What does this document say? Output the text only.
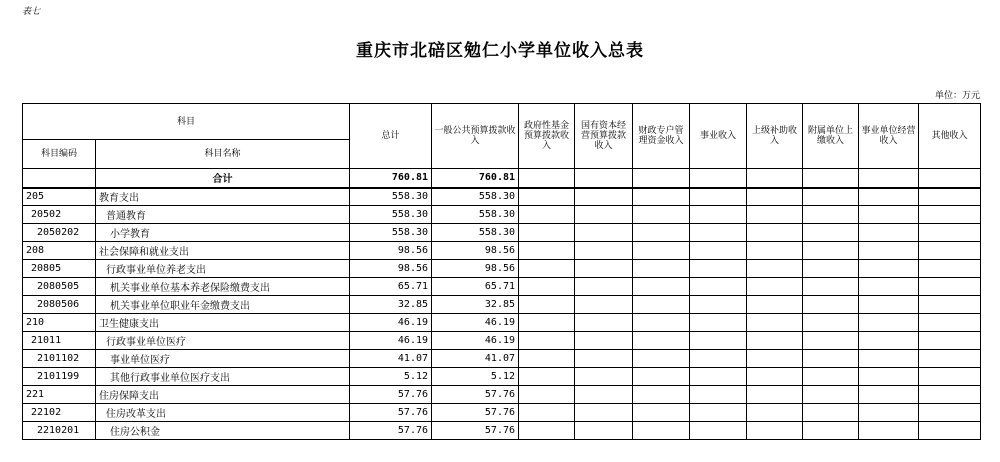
表七
重庆市北碚区勉仁小学单位收入总表
单位：万元
科目		总计	一般公共预算拨款收入	政府性基金预算拨款收入	国有资本经营预算拨款收入	财政专户管理资金收入	事业收入	上级补助收入	附属单位上缴收入	事业单位经营收入	其他收入
科目编码	科目名称										
	合计	760.81	760.81								
205	教育支出	558.30	558.30								
20502	普通教育	558.30	558.30								
2050202	小学教育	558.30	558.30								
208	社会保障和就业支出	98.56	98.56								
20805	行政事业单位养老支出	98.56	98.56								
2080505	机关事业单位基本养老保险缴费支出	65.71	65.71								
2080506	机关事业单位职业年金缴费支出	32.85	32.85								
210	卫生健康支出	46.19	46.19								
21011	行政事业单位医疗	46.19	46.19								
2101102	事业单位医疗	41.07	41.07								
2101199	其他行政事业单位医疗支出	5.12	5.12								
221	住房保障支出	57.76	57.76								
22102	住房改革支出	57.76	57.76								
2210201	住房公积金	57.76	57.76								
